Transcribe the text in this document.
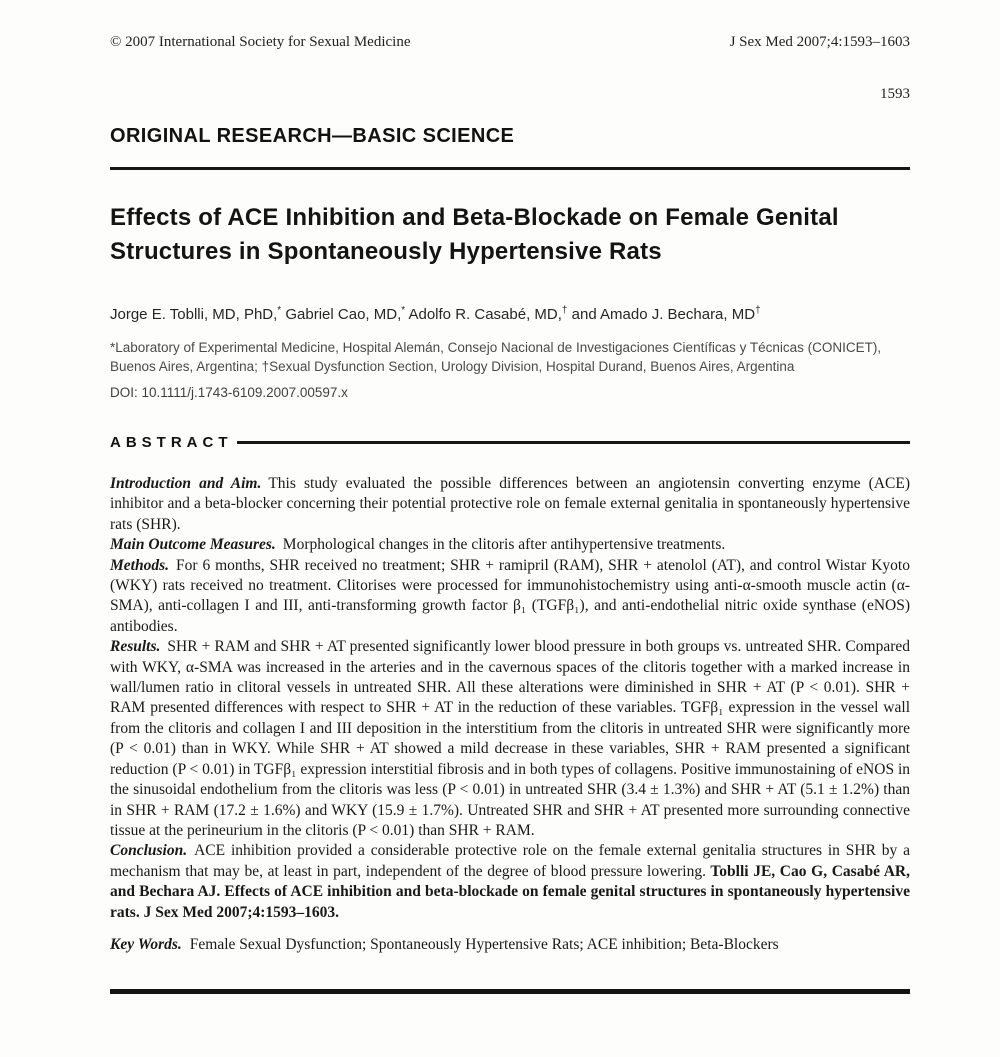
© 2007 International Society for Sexual Medicine	J Sex Med 2007;4:1593–1603
1593
ORIGINAL RESEARCH—BASIC SCIENCE
Effects of ACE Inhibition and Beta-Blockade on Female Genital Structures in Spontaneously Hypertensive Rats
Jorge E. Toblli, MD, PhD,* Gabriel Cao, MD,* Adolfo R. Casabé, MD,† and Amado J. Bechara, MD†
*Laboratory of Experimental Medicine, Hospital Alemán, Consejo Nacional de Investigaciones Científicas y Técnicas (CONICET), Buenos Aires, Argentina; †Sexual Dysfunction Section, Urology Division, Hospital Durand, Buenos Aires, Argentina
DOI: 10.1111/j.1743-6109.2007.00597.x
ABSTRACT

Introduction and Aim. This study evaluated the possible differences between an angiotensin converting enzyme (ACE) inhibitor and a beta-blocker concerning their potential protective role on female external genitalia in spontaneously hypertensive rats (SHR).

Main Outcome Measures. Morphological changes in the clitoris after antihypertensive treatments.

Methods. For 6 months, SHR received no treatment; SHR + ramipril (RAM), SHR + atenolol (AT), and control Wistar Kyoto (WKY) rats received no treatment. Clitorises were processed for immunohistochemistry using anti-α-smooth muscle actin (α-SMA), anti-collagen I and III, anti-transforming growth factor β₁ (TGFβ₁), and anti-endothelial nitric oxide synthase (eNOS) antibodies.

Results. SHR + RAM and SHR + AT presented significantly lower blood pressure in both groups vs. untreated SHR. Compared with WKY, α-SMA was increased in the arteries and in the cavernous spaces of the clitoris together with a marked increase in wall/lumen ratio in clitoral vessels in untreated SHR. All these alterations were diminished in SHR + AT (P < 0.01). SHR + RAM presented differences with respect to SHR + AT in the reduction of these variables. TGFβ₁ expression in the vessel wall from the clitoris and collagen I and III deposition in the interstitium from the clitoris in untreated SHR were significantly more (P < 0.01) than in WKY. While SHR + AT showed a mild decrease in these variables, SHR + RAM presented a significant reduction (P < 0.01) in TGFβ₁ expression interstitial fibrosis and in both types of collagens. Positive immunostaining of eNOS in the sinusoidal endothelium from the clitoris was less (P < 0.01) in untreated SHR (3.4 ± 1.3%) and SHR + AT (5.1 ± 1.2%) than in SHR + RAM (17.2 ± 1.6%) and WKY (15.9 ± 1.7%). Untreated SHR and SHR + AT presented more surrounding connective tissue at the perineurium in the clitoris (P < 0.01) than SHR + RAM.

Conclusion. ACE inhibition provided a considerable protective role on the female external genitalia structures in SHR by a mechanism that may be, at least in part, independent of the degree of blood pressure lowering. Toblli JE, Cao G, Casabé AR, and Bechara AJ. Effects of ACE inhibition and beta-blockade on female genital structures in spontaneously hypertensive rats. J Sex Med 2007;4:1593–1603.

Key Words. Female Sexual Dysfunction; Spontaneously Hypertensive Rats; ACE inhibition; Beta-Blockers
